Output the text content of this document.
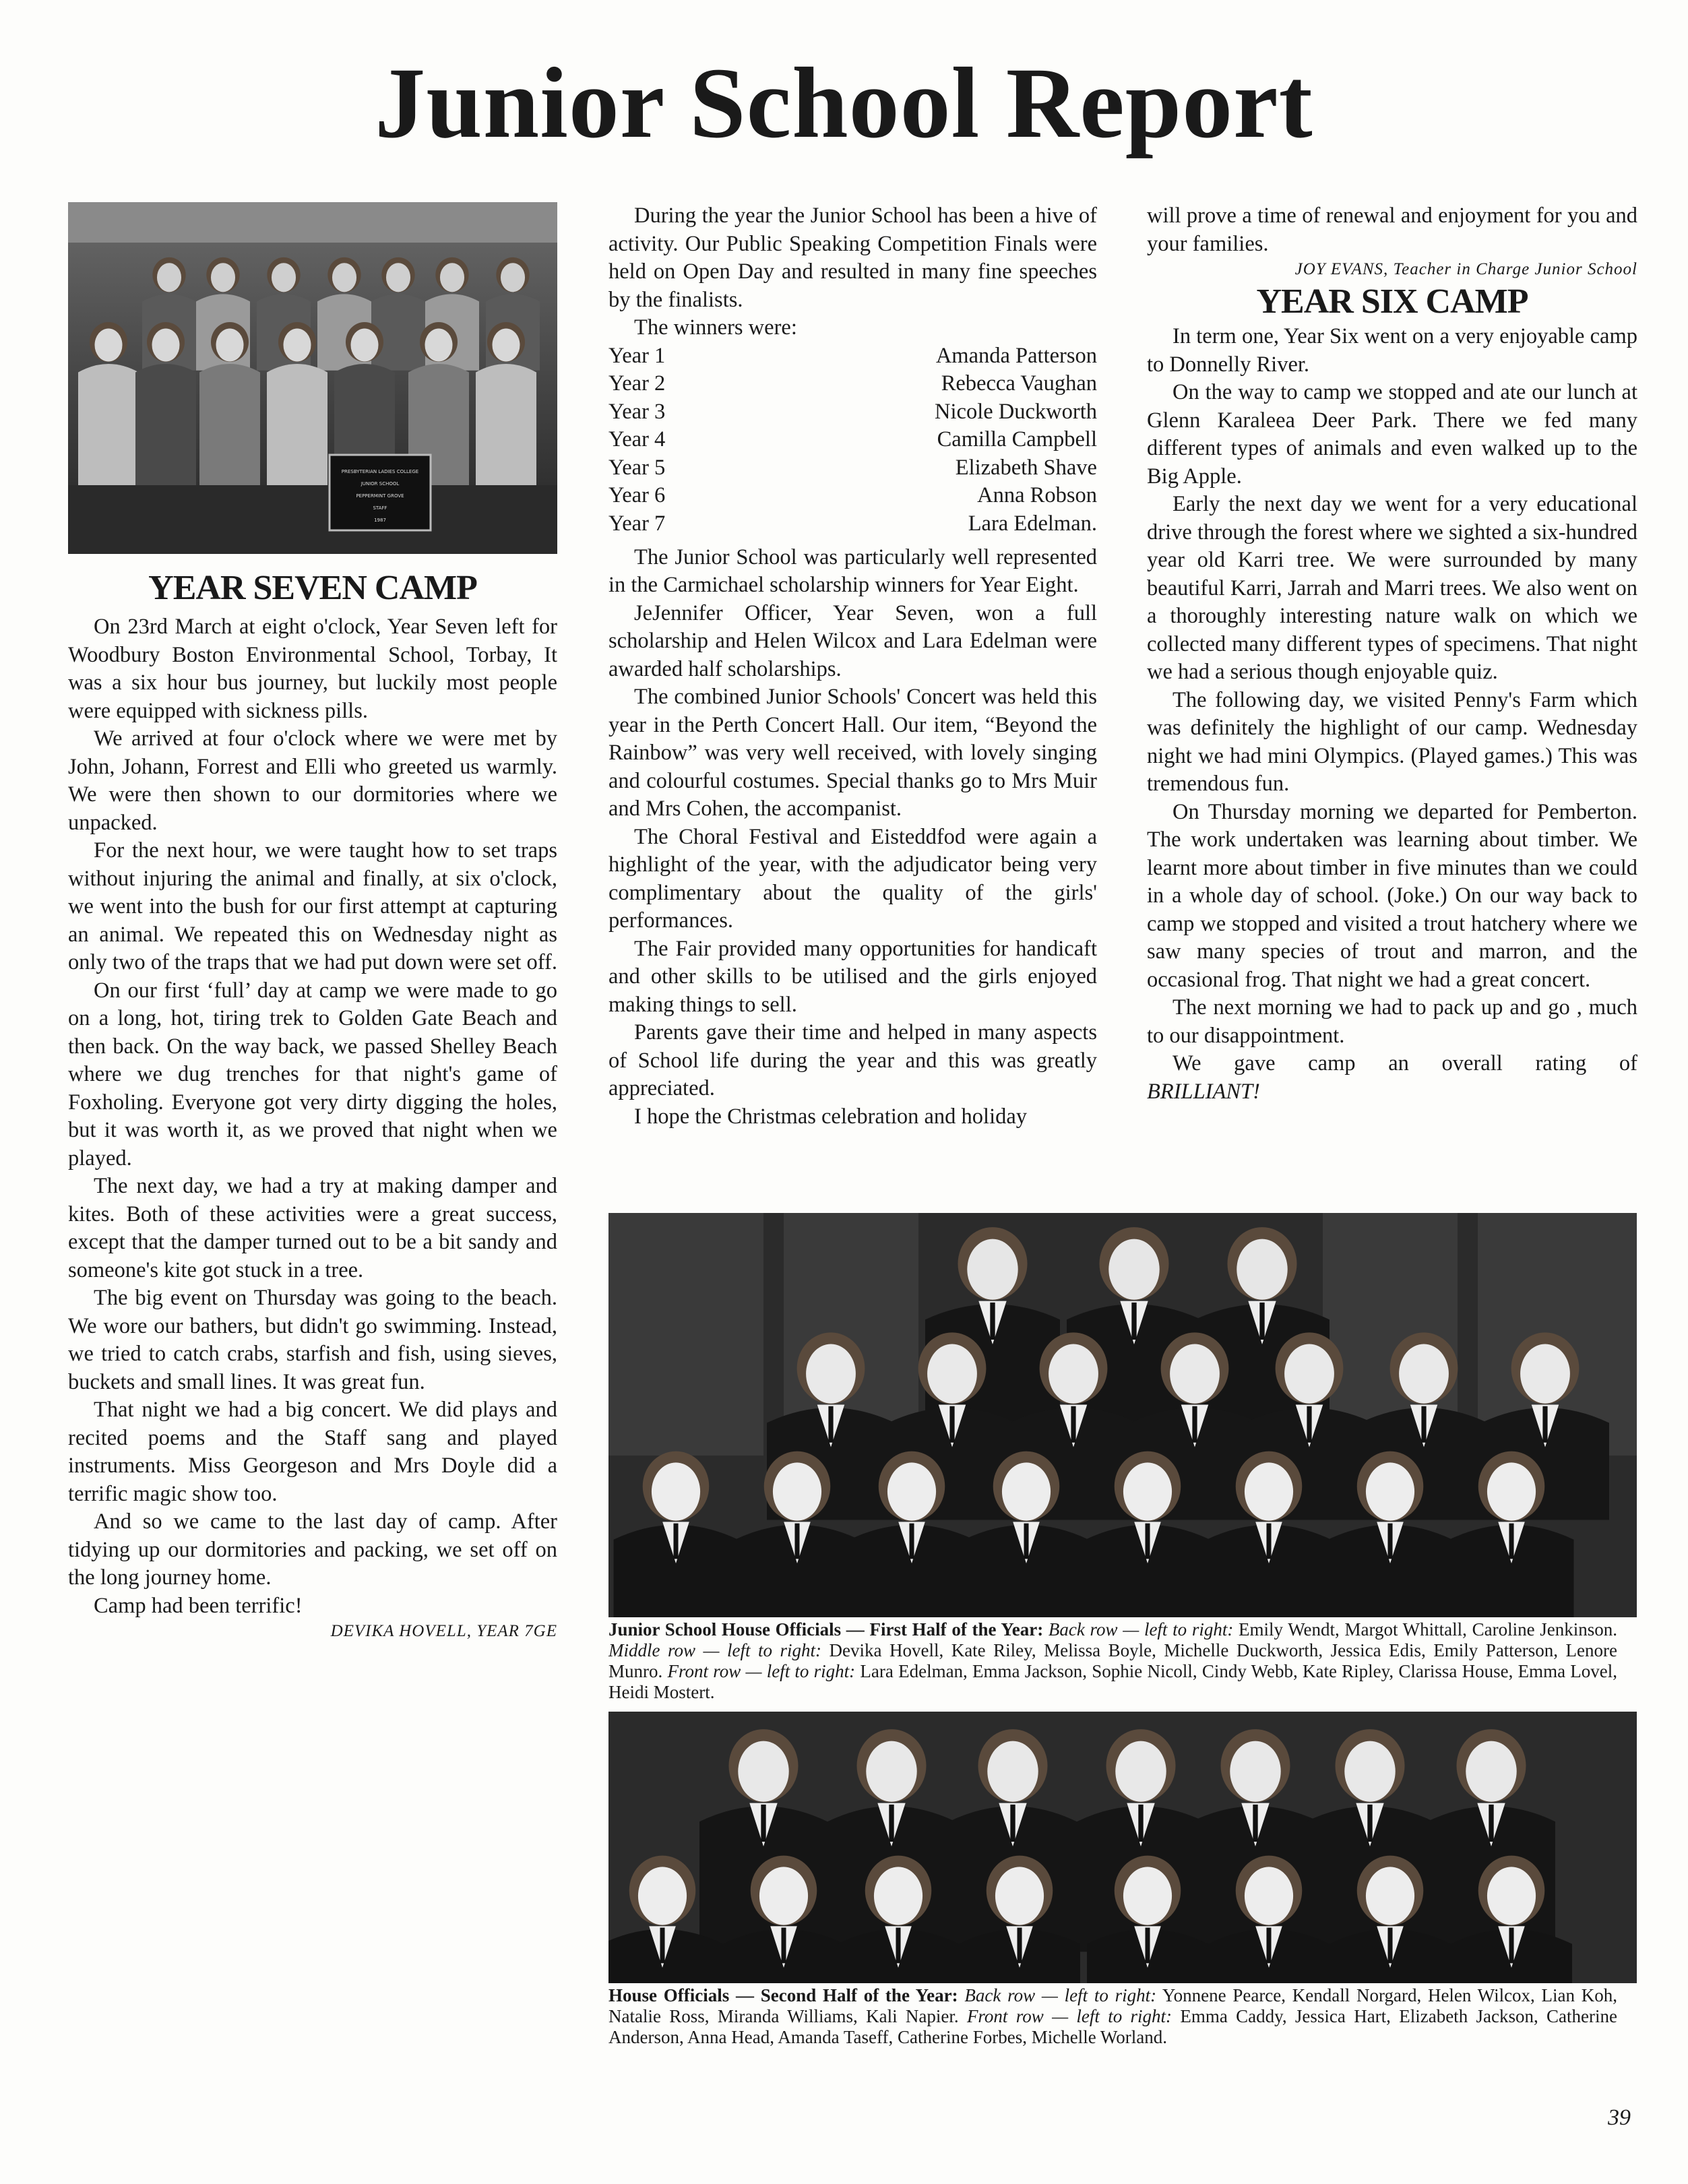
Junior School Report
PRESBYTERIAN LADIES COLLEGE
JUNIOR SCHOOL
PEPPERMINT GROVE
STAFF
1987
YEAR SEVEN CAMP

On 23rd March at eight o'clock, Year Seven left for Woodbury Boston Environmental School, Torbay, It was a six hour bus journey, but luckily most people were equipped with sickness pills.

We arrived at four o'clock where we were met by John, Johann, Forrest and Elli who greeted us warmly. We were then shown to our dormitories where we unpacked.

For the next hour, we were taught how to set traps without injuring the animal and finally, at six o'clock, we went into the bush for our first attempt at capturing an animal. We repeated this on Wednesday night as only two of the traps that we had put down were set off.

On our first ‘full’ day at camp we were made to go on a long, hot, tiring trek to Golden Gate Beach and then back. On the way back, we passed Shelley Beach where we dug trenches for that night's game of Foxholing. Everyone got very dirty digging the holes, but it was worth it, as we proved that night when we played.

The next day, we had a try at making damper and kites. Both of these activities were a great success, except that the damper turned out to be a bit sandy and someone's kite got stuck in a tree.

The big event on Thursday was going to the beach. We wore our bathers, but didn't go swimming. Instead, we tried to catch crabs, starfish and fish, using sieves, buckets and small lines. It was great fun.

That night we had a big concert. We did plays and recited poems and the Staff sang and played instruments. Miss Georgeson and Mrs Doyle did a terrific magic show too.

And so we came to the last day of camp. After tidying up our dormitories and packing, we set off on the long journey home.

Camp had been terrific!

DEVIKA HOVELL, YEAR 7GE

During the year the Junior School has been a hive of activity. Our Public Speaking Competition Finals were held on Open Day and resulted in many fine speeches by the finalists.

The winners were:

Year 1	Amanda Patterson
Year 2	Rebecca Vaughan
Year 3	Nicole Duckworth
Year 4	Camilla Campbell
Year 5	Elizabeth Shave
Year 6	Anna Robson
Year 7	Lara Edelman.

The Junior School was particularly well represented in the Carmichael scholarship winners for Year Eight.

JeJennifer Officer, Year Seven, won a full scholarship and Helen Wilcox and Lara Edelman were awarded half scholarships.

The combined Junior Schools' Concert was held this year in the Perth Concert Hall. Our item, “Beyond the Rainbow” was very well received, with lovely singing and colourful costumes. Special thanks go to Mrs Muir and Mrs Cohen, the accompanist.

The Choral Festival and Eisteddfod were again a highlight of the year, with the adjudicator being very complimentary about the quality of the girls' performances.

The Fair provided many opportunities for handicaft and other skills to be utilised and the girls enjoyed making things to sell.

Parents gave their time and helped in many aspects of School life during the year and this was greatly appreciated.

I hope the Christmas celebration and holiday

will prove a time of renewal and enjoyment for you and your families.

JOY EVANS, Teacher in Charge Junior School
YEAR SIX CAMP

In term one, Year Six went on a very enjoyable camp to Donnelly River.

On the way to camp we stopped and ate our lunch at Glenn Karaleea Deer Park. There we fed many different types of animals and even walked up to the Big Apple.

Early the next day we went for a very educational drive through the forest where we sighted a six-hundred year old Karri tree. We were surrounded by many beautiful Karri, Jarrah and Marri trees. We also went on a thoroughly interesting nature walk on which we collected many different types of specimens. That night we had a serious though enjoyable quiz.

The following day, we visited Penny's Farm which was definitely the highlight of our camp. Wednesday night we had mini Olympics. (Played games.) This was tremendous fun.

On Thursday morning we departed for Pemberton. The work undertaken was learning about timber. We learnt more about timber in five minutes than we could in a whole day of school. (Joke.) On our way back to camp we stopped and visited a trout hatchery where we saw many species of trout and marron, and the occasional frog. That night we had a great concert.

The next morning we had to pack up and go , much to our disappointment.

We gave camp an overall rating of

BRILLIANT!
Junior School House Officials — First Half of the Year: Back row — left to right: Emily Wendt, Margot Whittall, Caroline Jenkinson. Middle row — left to right: Devika Hovell, Kate Riley, Melissa Boyle, Michelle Duckworth, Jessica Edis, Emily Patterson, Lenore Munro. Front row — left to right: Lara Edelman, Emma Jackson, Sophie Nicoll, Cindy Webb, Kate Ripley, Clarissa House, Emma Lovel, Heidi Mostert.
House Officials — Second Half of the Year: Back row — left to right: Yonnene Pearce, Kendall Norgard, Helen Wilcox, Lian Koh, Natalie Ross, Miranda Williams, Kali Napier. Front row — left to right: Emma Caddy, Jessica Hart, Elizabeth Jackson, Catherine Anderson, Anna Head, Amanda Taseff, Catherine Forbes, Michelle Worland.
39
